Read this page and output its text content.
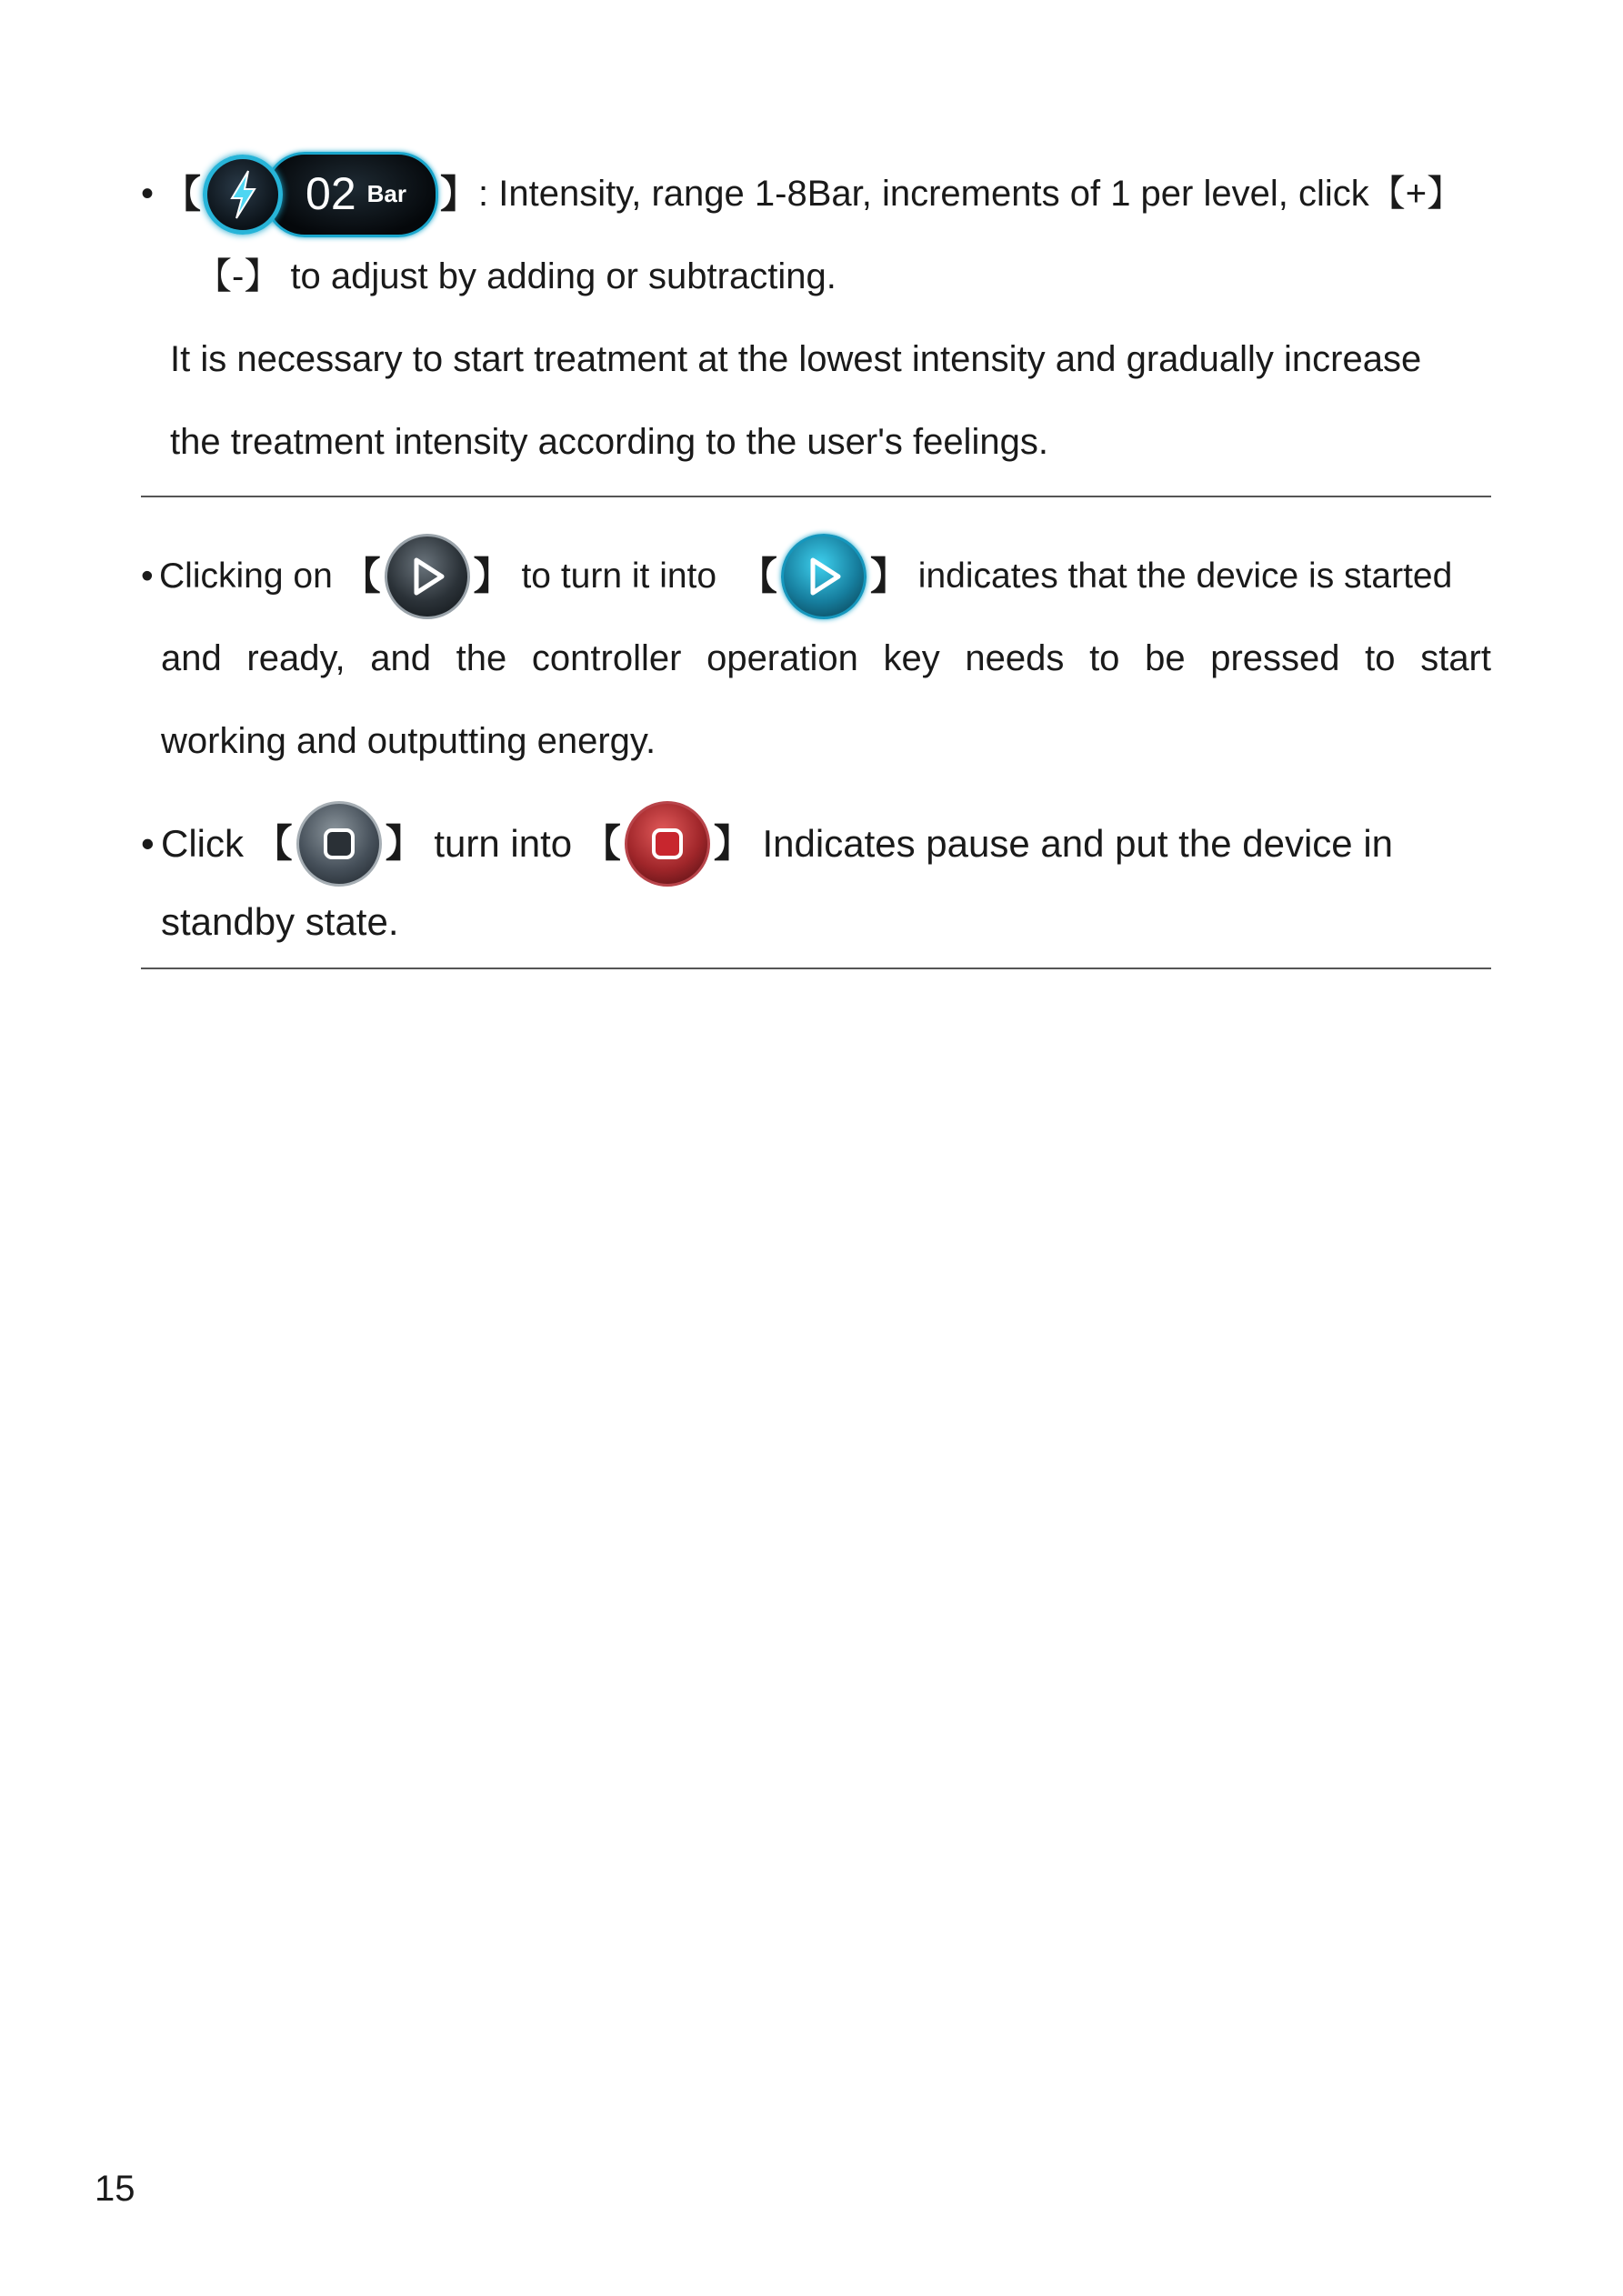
• 【 02 Bar 】 : Intensity, range 1-8Bar, increments of 1 per level, click 【+】
【-】 to adjust by adding or subtracting.
It is necessary to start treatment at the lowest intensity and gradually increase
the treatment intensity according to the user's feelings.
• Clicking on 【 】 to turn it into 【 】 indicates that the device is started
and ready, and the controller operation key needs to be pressed to start
working and outputting energy.
• Click 【 】 turn into 【 】 Indicates pause and put the device in
standby state.
15
